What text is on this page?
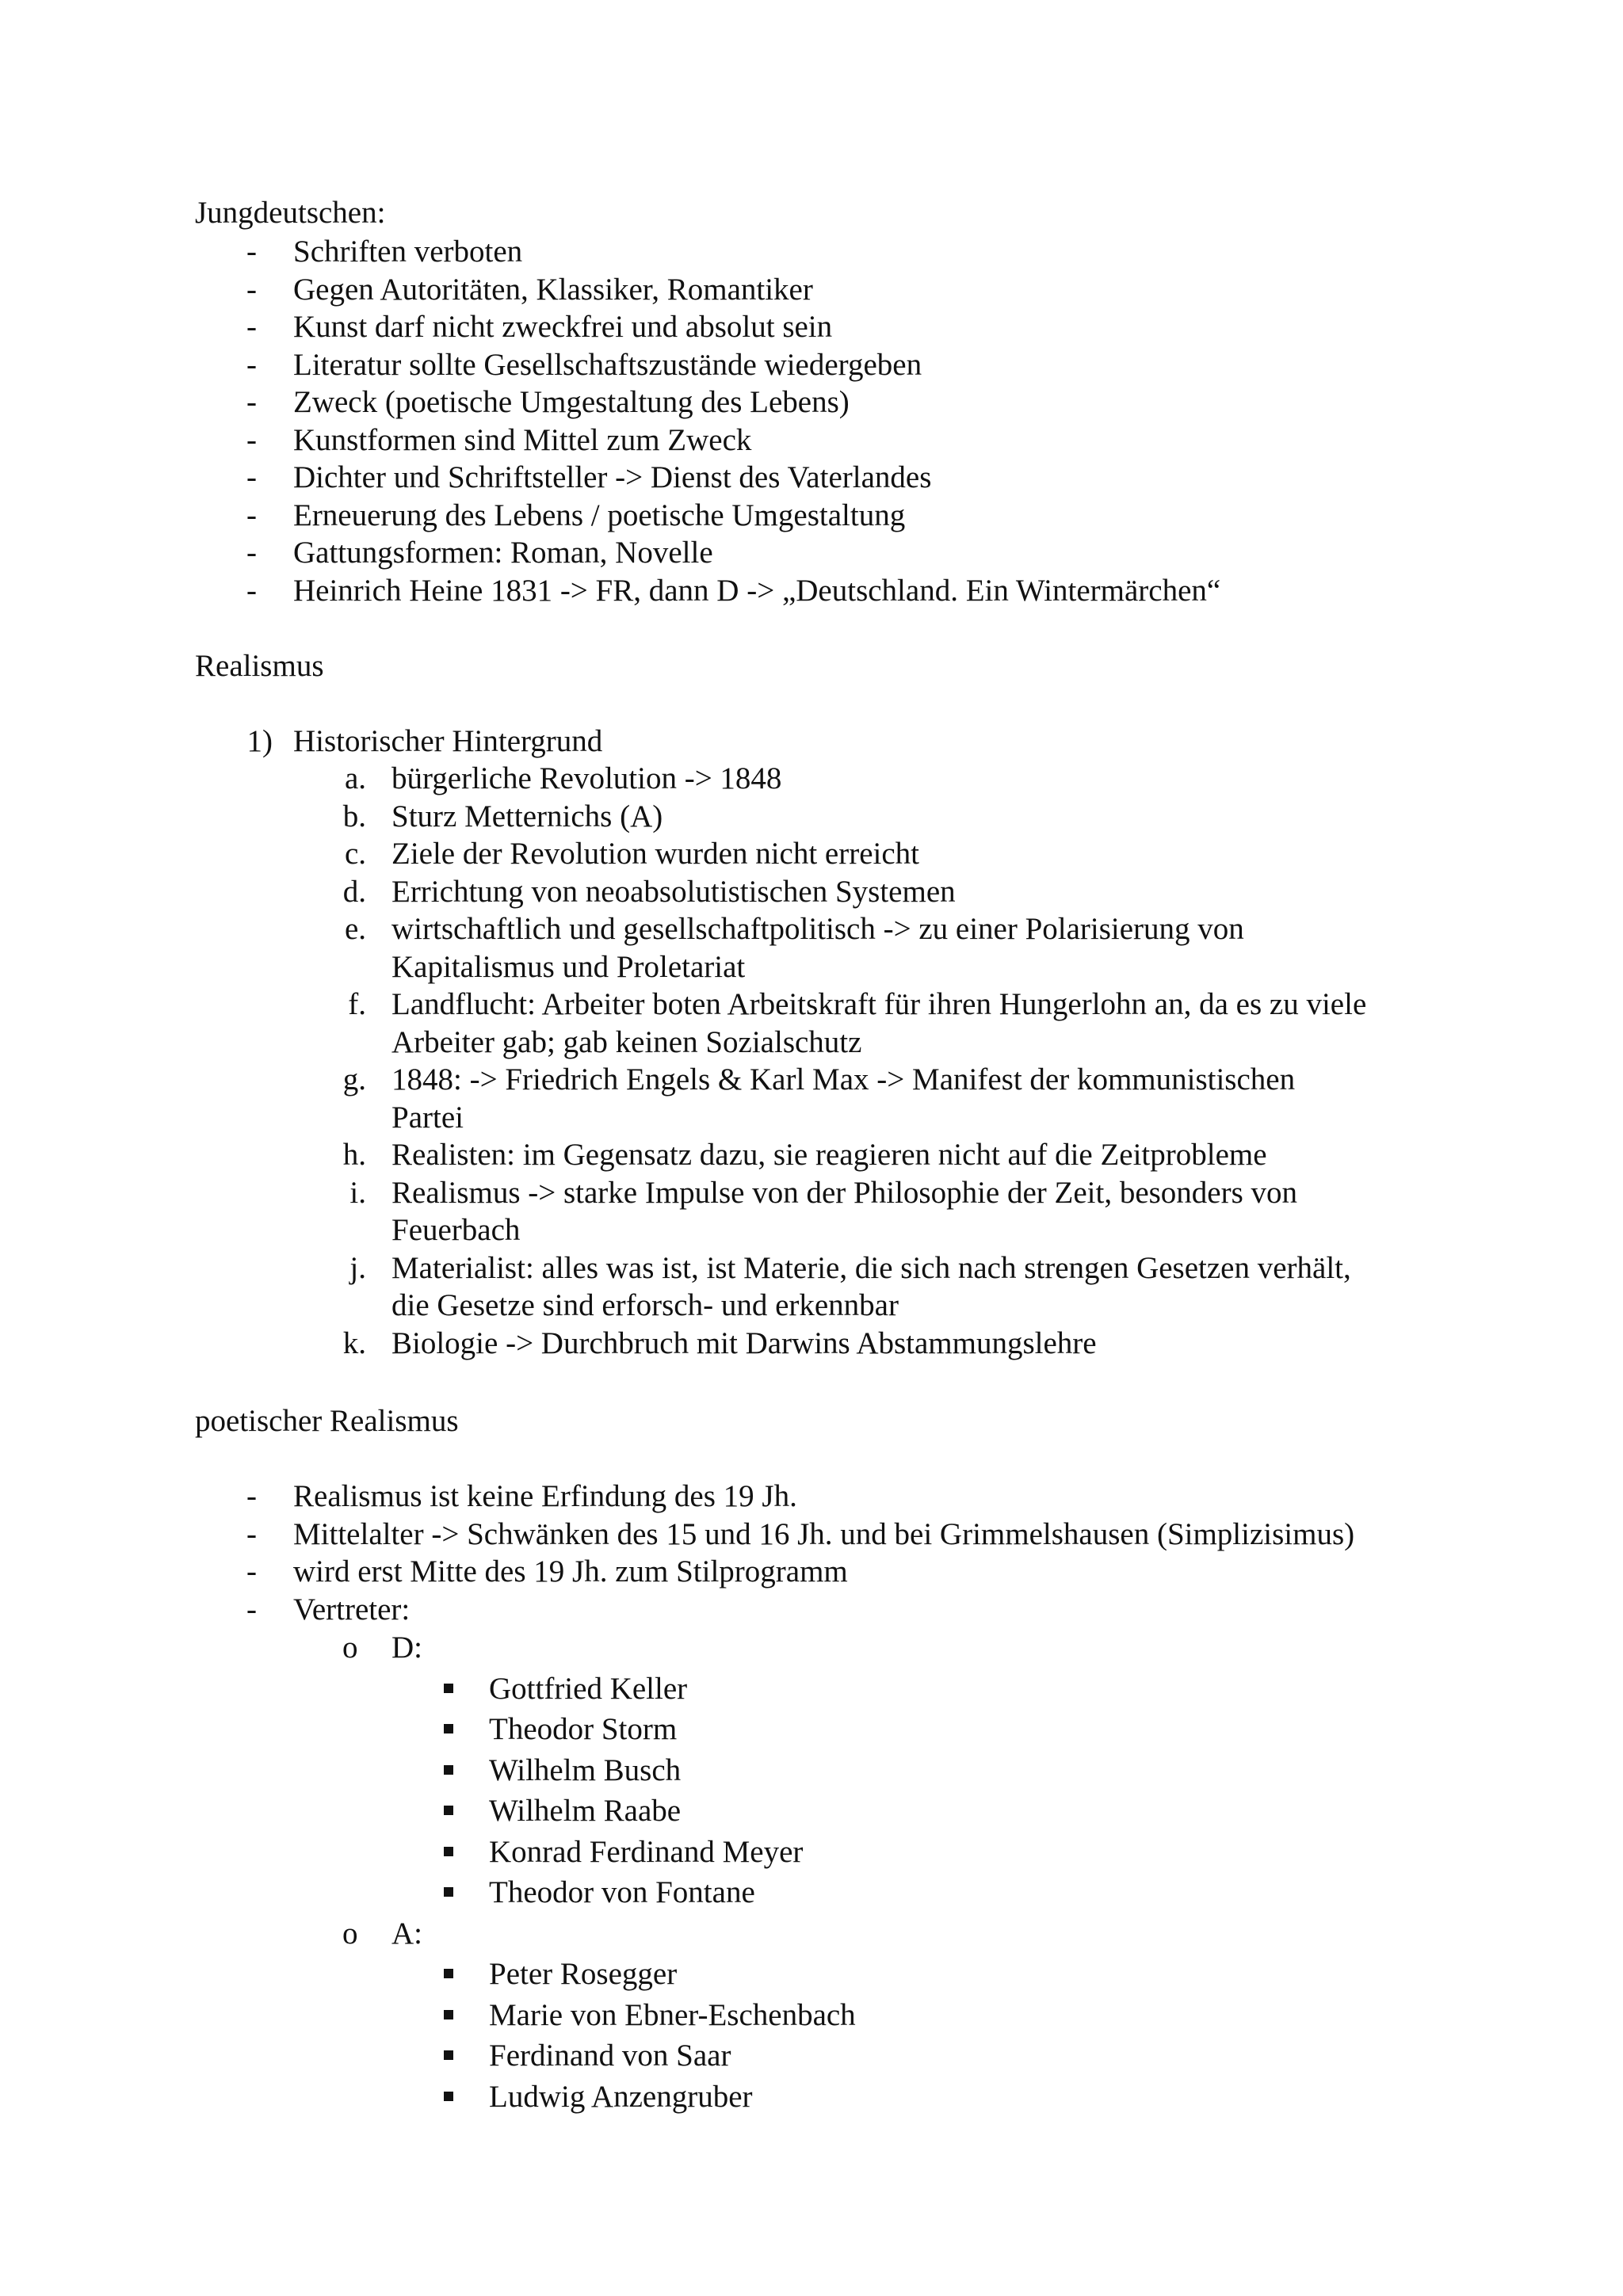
Jungdeutschen:
- Schriften verboten
- Gegen Autoritäten, Klassiker, Romantiker
- Kunst darf nicht zweckfrei und absolut sein
- Literatur sollte Gesellschaftszustände wiedergeben
- Zweck (poetische Umgestaltung des Lebens)
- Kunstformen sind Mittel zum Zweck
- Dichter und Schriftsteller -> Dienst des Vaterlandes
- Erneuerung des Lebens / poetische Umgestaltung
- Gattungsformen: Roman, Novelle
- Heinrich Heine 1831 -> FR, dann D -> „Deutschland. Ein Wintermärchen“
Realismus
1) Historischer Hintergrund
a. bürgerliche Revolution -> 1848
b. Sturz Metternichs (A)
c. Ziele der Revolution wurden nicht erreicht
d. Errichtung von neoabsolutistischen Systemen
e. wirtschaftlich und gesellschaftpolitisch -> zu einer Polarisierung von
Kapitalismus und Proletariat
f. Landflucht: Arbeiter boten Arbeitskraft für ihren Hungerlohn an, da es zu viele
Arbeiter gab; gab keinen Sozialschutz
g. 1848: -> Friedrich Engels & Karl Max -> Manifest der kommunistischen
Partei
h. Realisten: im Gegensatz dazu, sie reagieren nicht auf die Zeitprobleme
i. Realismus -> starke Impulse von der Philosophie der Zeit, besonders von
Feuerbach
j. Materialist: alles was ist, ist Materie, die sich nach strengen Gesetzen verhält,
die Gesetze sind erforsch- und erkennbar
k. Biologie -> Durchbruch mit Darwins Abstammungslehre
poetischer Realismus
- Realismus ist keine Erfindung des 19 Jh.
- Mittelalter -> Schwänken des 15 und 16 Jh. und bei Grimmelshausen (Simplizisimus)
- wird erst Mitte des 19 Jh. zum Stilprogramm
- Vertreter:
o D:
Gottfried Keller
Theodor Storm
Wilhelm Busch
Wilhelm Raabe
Konrad Ferdinand Meyer
Theodor von Fontane
o A:
Peter Rosegger
Marie von Ebner-Eschenbach
Ferdinand von Saar
Ludwig Anzengruber
